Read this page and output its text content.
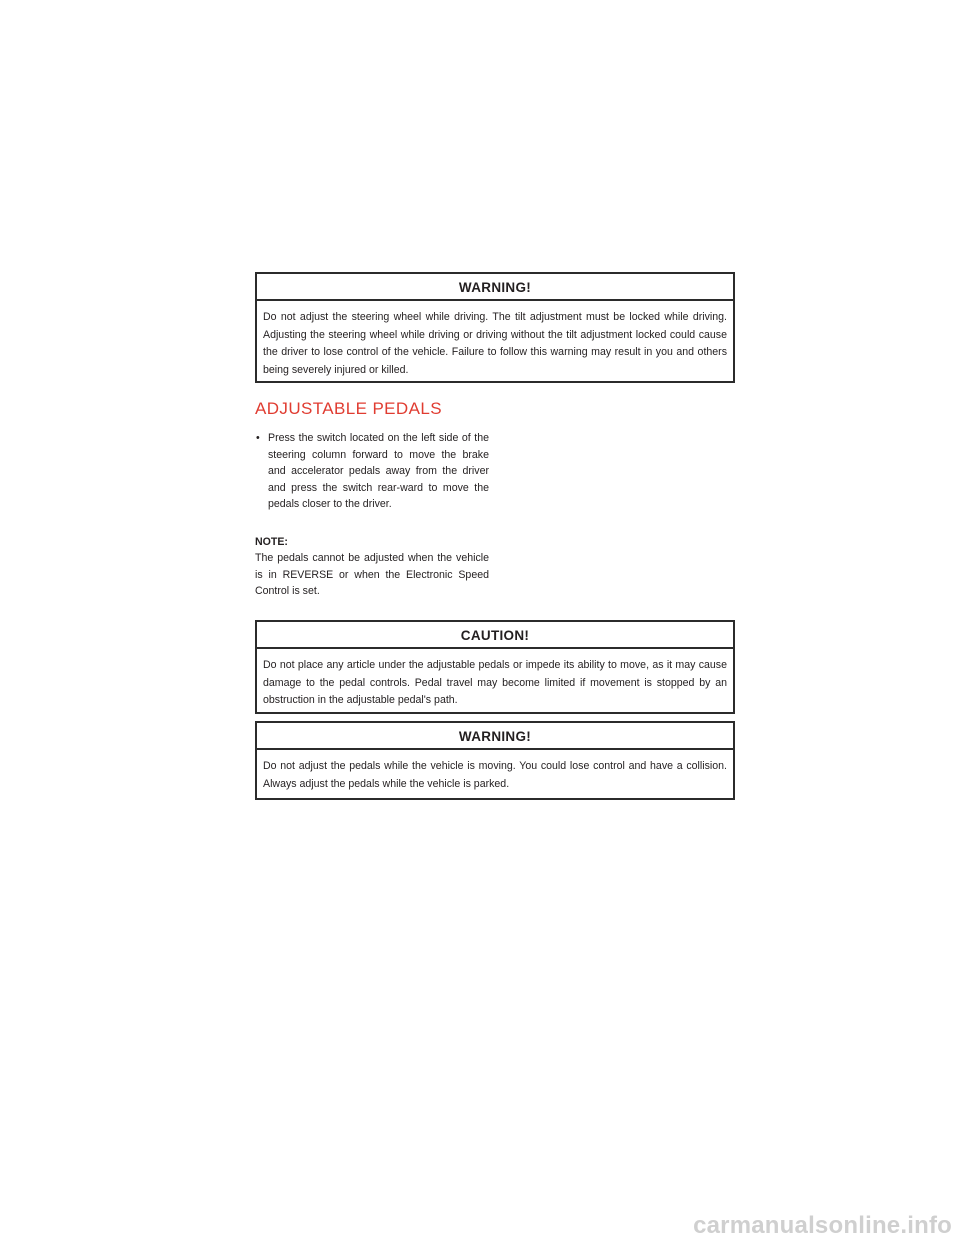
WARNING!
Do not adjust the steering wheel while driving. The tilt adjustment must be locked while driving. Adjusting the steering wheel while driving or driving without the tilt adjustment locked could cause the driver to lose control of the vehicle. Failure to follow this warning may result in you and others being severely injured or killed.
ADJUSTABLE PEDALS
• Press the switch located on the left side of the steering column forward to move the brake and accelerator pedals away from the driver and press the switch rear-ward to move the pedals closer to the driver.
NOTE:

The pedals cannot be adjusted when the vehicle is in REVERSE or when the Electronic Speed Control is set.

CAUTION!
Do not place any article under the adjustable pedals or impede its ability to move, as it may cause damage to the pedal controls. Pedal travel may become limited if movement is stopped by an obstruction in the adjustable pedal's path.
WARNING!
Do not adjust the pedals while the vehicle is moving. You could lose control and have a collision. Always adjust the pedals while the vehicle is parked.
carmanualsonline.info
